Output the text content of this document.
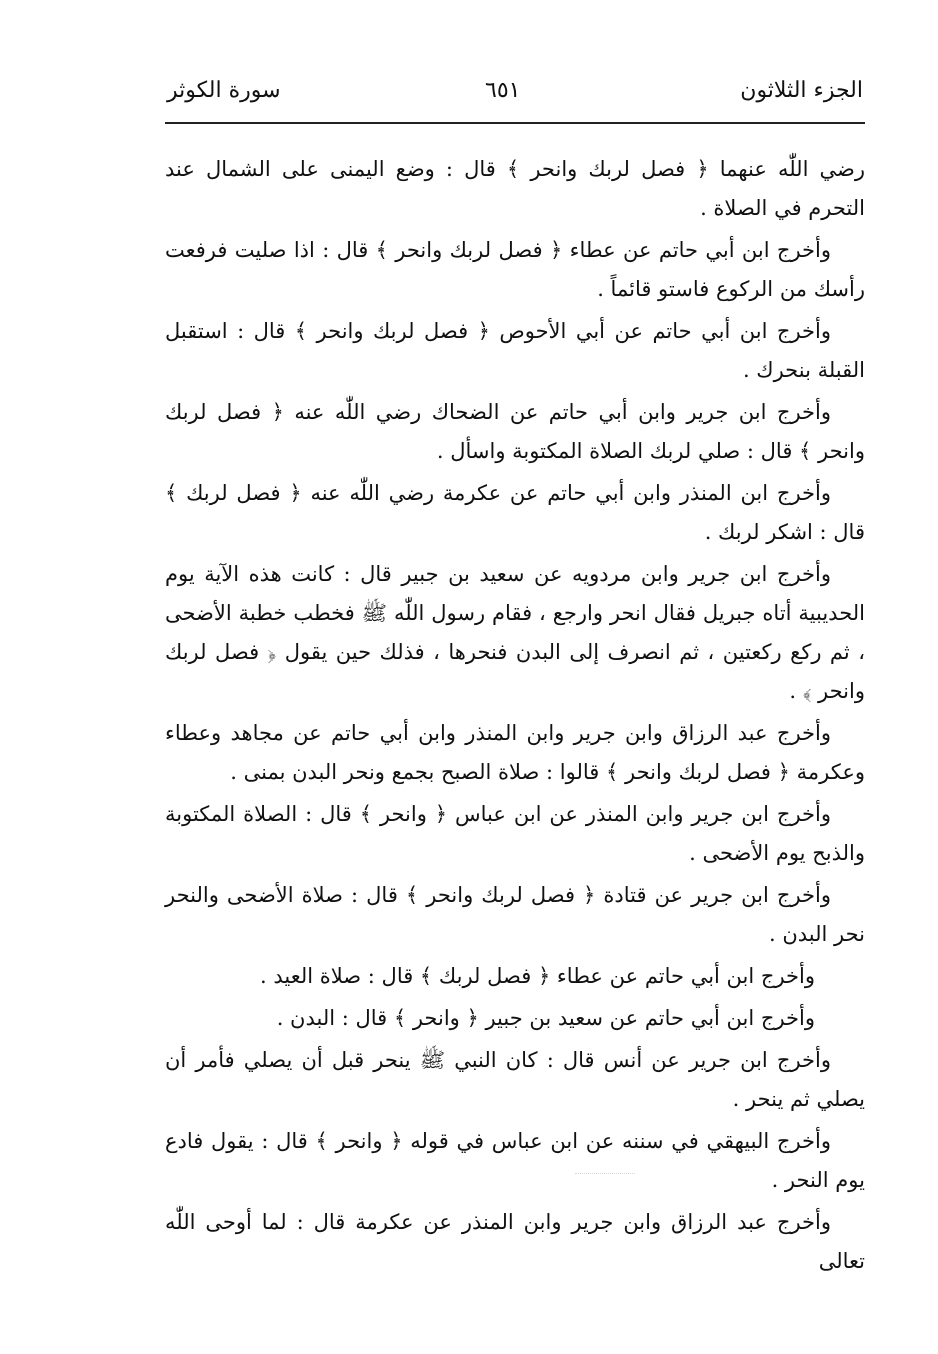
الجزء الثلاثون
٦٥١
سورة الكوثر

رضي اللّٰه عنهما ﴿ فصل لربك وانحر ﴾ قال : وضع اليمنى على الشمال عند التحرم في الصلاة .

وأخرج ابن أبي حاتم عن عطاء ﴿ فصل لربك وانحر ﴾ قال : اذا صليت فرفعت رأسك من الركوع فاستو قائماً .

وأخرج ابن أبي حاتم عن أبي الأحوص ﴿ فصل لربك وانحر ﴾ قال : استقبل القبلة بنحرك .

وأخرج ابن جرير وابن أبي حاتم عن الضحاك رضي اللّٰه عنه ﴿ فصل لربك وانحر ﴾ قال : صلي لربك الصلاة المكتوبة واسأل .

وأخرج ابن المنذر وابن أبي حاتم عن عكرمة رضي اللّٰه عنه ﴿ فصل لربك ﴾ قال : اشكر لربك .

وأخرج ابن جرير وابن مردويه عن سعيد بن جبير قال : كانت هذه الآية يوم الحديبية أتاه جبريل فقال انحر وارجع ، فقام رسول اللّٰه ﷺ فخطب خطبة الأضحى ، ثم ركع ركعتين ، ثم انصرف إلى البدن فنحرها ، فذلك حين يقول ﴿ فصل لربك وانحر ﴾ .

وأخرج عبد الرزاق وابن جرير وابن المنذر وابن أبي حاتم عن مجاهد وعطاء وعكرمة ﴿ فصل لربك وانحر ﴾ قالوا : صلاة الصبح بجمع ونحر البدن بمنى .

وأخرج ابن جرير وابن المنذر عن ابن عباس ﴿ وانحر ﴾ قال : الصلاة المكتوبة والذبح يوم الأضحى .

وأخرج ابن جرير عن قتادة ﴿ فصل لربك وانحر ﴾ قال : صلاة الأضحى والنحر نحر البدن .

وأخرج ابن أبي حاتم عن عطاء ﴿ فصل لربك ﴾ قال : صلاة العيد .

وأخرج ابن أبي حاتم عن سعيد بن جبير ﴿ وانحر ﴾ قال : البدن .

وأخرج ابن جرير عن أنس قال : كان النبي ﷺ ينحر قبل أن يصلي فأمر أن يصلي ثم ينحر .

وأخرج البيهقي في سننه عن ابن عباس في قوله ﴿ وانحر ﴾ قال : يقول فادع يوم النحر .

وأخرج عبد الرزاق وابن جرير وابن المنذر عن عكرمة قال : لما أوحى اللّٰه تعالى
